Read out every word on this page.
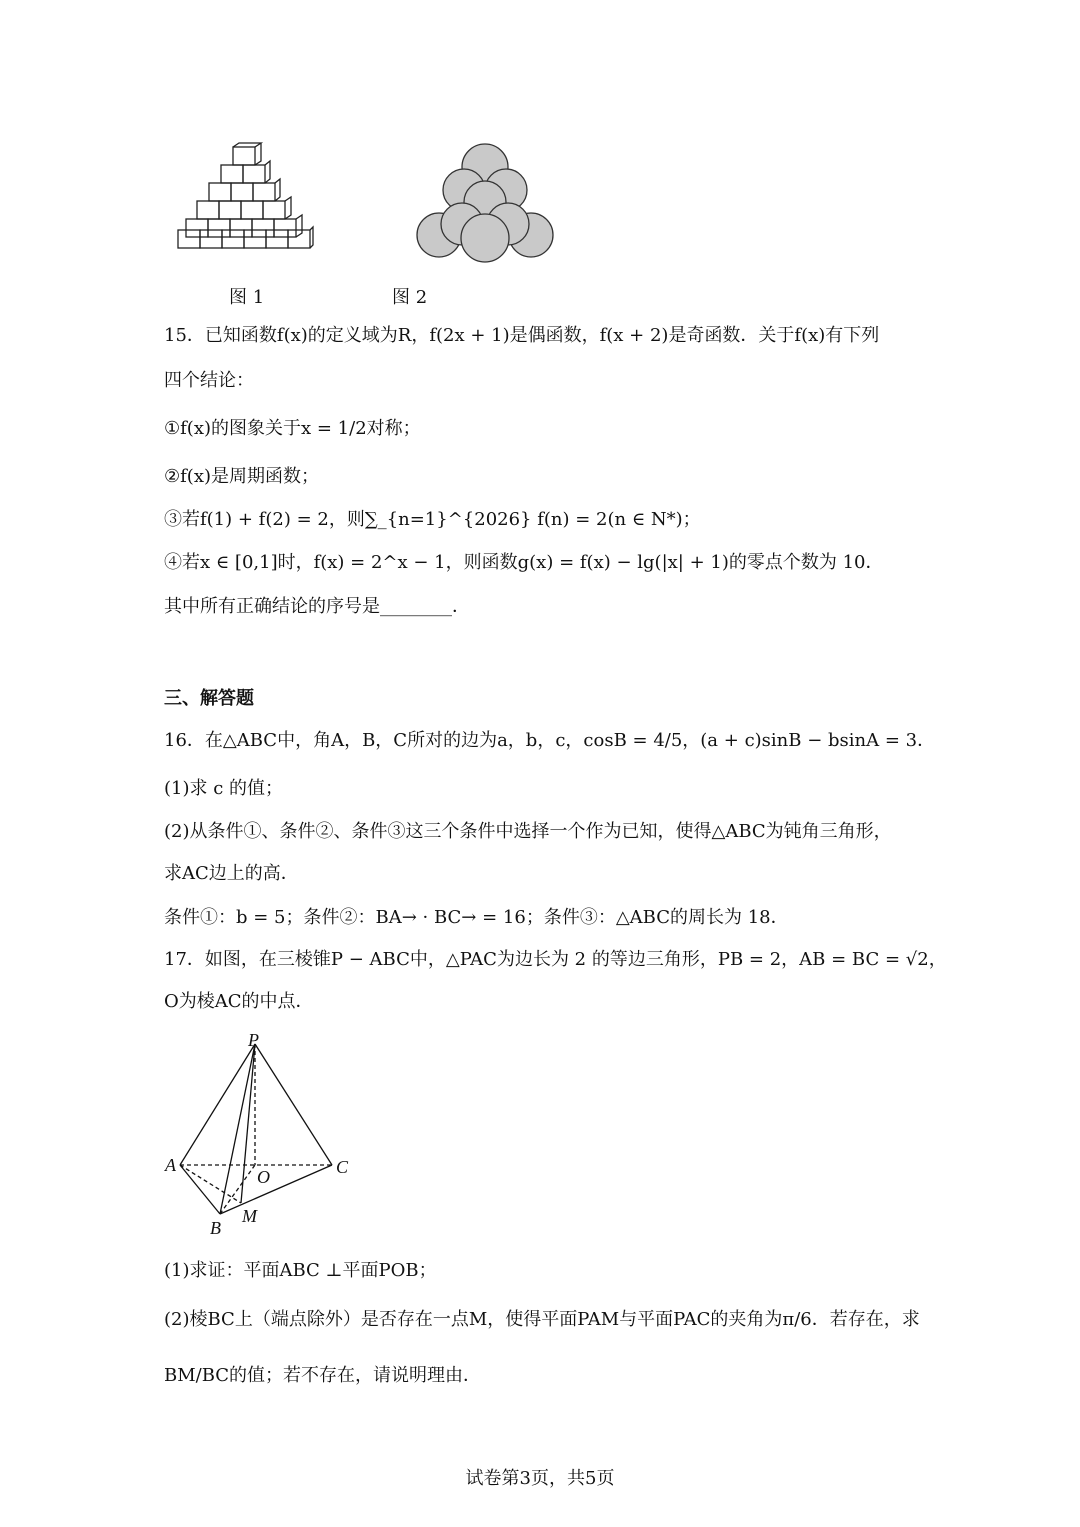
图 1	图 2
15．已知函数f(x)的定义域为R，f(2x + 1)是偶函数，f(x + 2)是奇函数．关于f(x)有下列
四个结论：
①f(x)的图象关于x = 1/2对称；
②f(x)是周期函数；
③若f(1) + f(2) = 2，则∑_{n=1}^{2026} f(n) = 2(n ∈ N*)；
④若x ∈ [0,1]时，f(x) = 2^x − 1，则函数g(x) = f(x) − lg(|x| + 1)的零点个数为 10．
其中所有正确结论的序号是________．
三、解答题
16．在△ABC中，角A，B，C所对的边为a，b，c，cosB = 4/5，(a + c)sinB − bsinA = 3．
(1)求 c 的值；
(2)从条件①、条件②、条件③这三个条件中选择一个作为已知，使得△ABC为钝角三角形，
求AC边上的高．
条件①：b = 5；条件②：BA→ · BC→ = 16；条件③：△ABC的周长为 18．
17．如图，在三棱锥P − ABC中，△PAC为边长为 2 的等边三角形，PB = 2，AB = BC = √2，
O为棱AC的中点．
P
A
O	C
B
M
(1)求证：平面ABC ⊥平面POB；
(2)棱BC上（端点除外）是否存在一点M，使得平面PAM与平面PAC的夹角为π/6．若存在，求
BM/BC的值；若不存在，请说明理由．
试卷第3页，共5页
